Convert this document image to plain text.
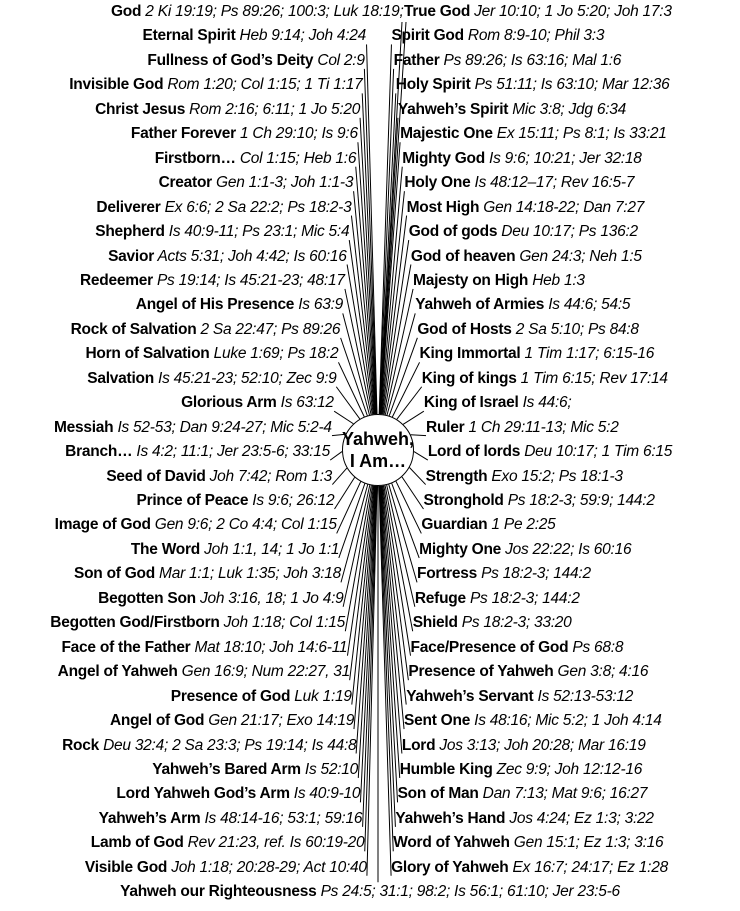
God 2 Ki 19:19; Ps 89:26; 100:3; Luk 18:19; True God Jer 10:10; 1 Jo 5:20; Joh 17:3
Eternal Spirit Heb 9:14; Joh 4:24
Fullness of God’s Deity Col 2:9
Invisible God Rom 1:20; Col 1:15; 1 Ti 1:17
Christ Jesus Rom 2:16; 6:11; 1 Jo 5:20
Father Forever 1 Ch 29:10; Is 9:6
Firstborn… Col 1:15; Heb 1:6
Creator Gen 1:1-3; Joh 1:1-3
Deliverer Ex 6:6; 2 Sa 22:2; Ps 18:2-3
Shepherd Is 40:9-11; Ps 23:1; Mic 5:4
Savior Acts 5:31; Joh 4:42; Is 60:16
Redeemer Ps 19:14; Is 45:21-23; 48:17
Angel of His Presence Is 63:9
Rock of Salvation 2 Sa 22:47; Ps 89:26
Horn of Salvation Luke 1:69; Ps 18:2
Salvation Is 45:21-23; 52:10; Zec 9:9
Glorious Arm Is 63:12
Messiah Is 52-53; Dan 9:24-27; Mic 5:2-4
Branch… Is 4:2; 11:1; Jer 23:5-6; 33:15
Seed of David Joh 7:42; Rom 1:3
Prince of Peace Is 9:6; 26:12
Image of God Gen 9:6; 2 Co 4:4; Col 1:15
The Word Joh 1:1, 14; 1 Jo 1:1
Son of God Mar 1:1; Luk 1:35; Joh 3:18
Begotten Son Joh 3:16, 18; 1 Jo 4:9
Begotten God/Firstborn Joh 1:18; Col 1:15
Face of the Father Mat 18:10; Joh 14:6-11
Angel of Yahweh Gen 16:9; Num 22:27, 31
Presence of God Luk 1:19
Angel of God Gen 21:17; Exo 14:19
Rock Deu 32:4; 2 Sa 23:3; Ps 19:14; Is 44:8
Yahweh’s Bared Arm Is 52:10
Lord Yahweh God’s Arm Is 40:9-10
Yahweh’s Arm Is 48:14-16; 53:1; 59:16
Lamb of God Rev 21:23, ref. Is 60:19-20
Visible God Joh 1:18; 20:28-29; Act 10:40
Spirit God Rom 8:9-10; Phil 3:3
Father Ps 89:26; Is 63:16; Mal 1:6
Holy Spirit Ps 51:11; Is 63:10; Mar 12:36
Yahweh’s Spirit Mic 3:8; Jdg 6:34
Majestic One Ex 15:11; Ps 8:1; Is 33:21
Mighty God Is 9:6; 10:21; Jer 32:18
Holy One Is 48:12–17; Rev 16:5-7
Most High Gen 14:18-22; Dan 7:27
God of gods Deu 10:17; Ps 136:2
God of heaven Gen 24:3; Neh 1:5
Majesty on High Heb 1:3
Yahweh of Armies Is 44:6; 54:5
God of Hosts 2 Sa 5:10; Ps 84:8
King Immortal 1 Tim 1:17; 6:15-16
King of kings 1 Tim 6:15; Rev 17:14
King of Israel Is 44:6;
Ruler 1 Ch 29:11-13; Mic 5:2
Lord of lords Deu 10:17; 1 Tim 6:15
Strength Exo 15:2; Ps 18:1-3
Stronghold Ps 18:2-3; 59:9; 144:2
Guardian 1 Pe 2:25
Mighty One Jos 22:22; Is 60:16
Fortress Ps 18:2-3; 144:2
Refuge Ps 18:2-3; 144:2
Shield Ps 18:2-3; 33:20
Face/Presence of God Ps 68:8
Presence of Yahweh Gen 3:8; 4:16
Yahweh’s Servant Is 52:13-53:12
Sent One Is 48:16; Mic 5:2; 1 Joh 4:14
Lord Jos 3:13; Joh 20:28; Mar 16:19
Humble King Zec 9:9; Joh 12:12-16
Son of Man Dan 7:13; Mat 9:6; 16:27
Yahweh’s Hand Jos 4:24; Ez 1:3; 3:22
Word of Yahweh Gen 15:1; Ez 1:3; 3:16
Glory of Yahweh Ex 16:7; 24:17; Ez 1:28
Yahweh our Righteousness Ps 24:5; 31:1; 98:2; Is 56:1; 61:10; Jer 23:5-6
Yahweh,
I Am…
